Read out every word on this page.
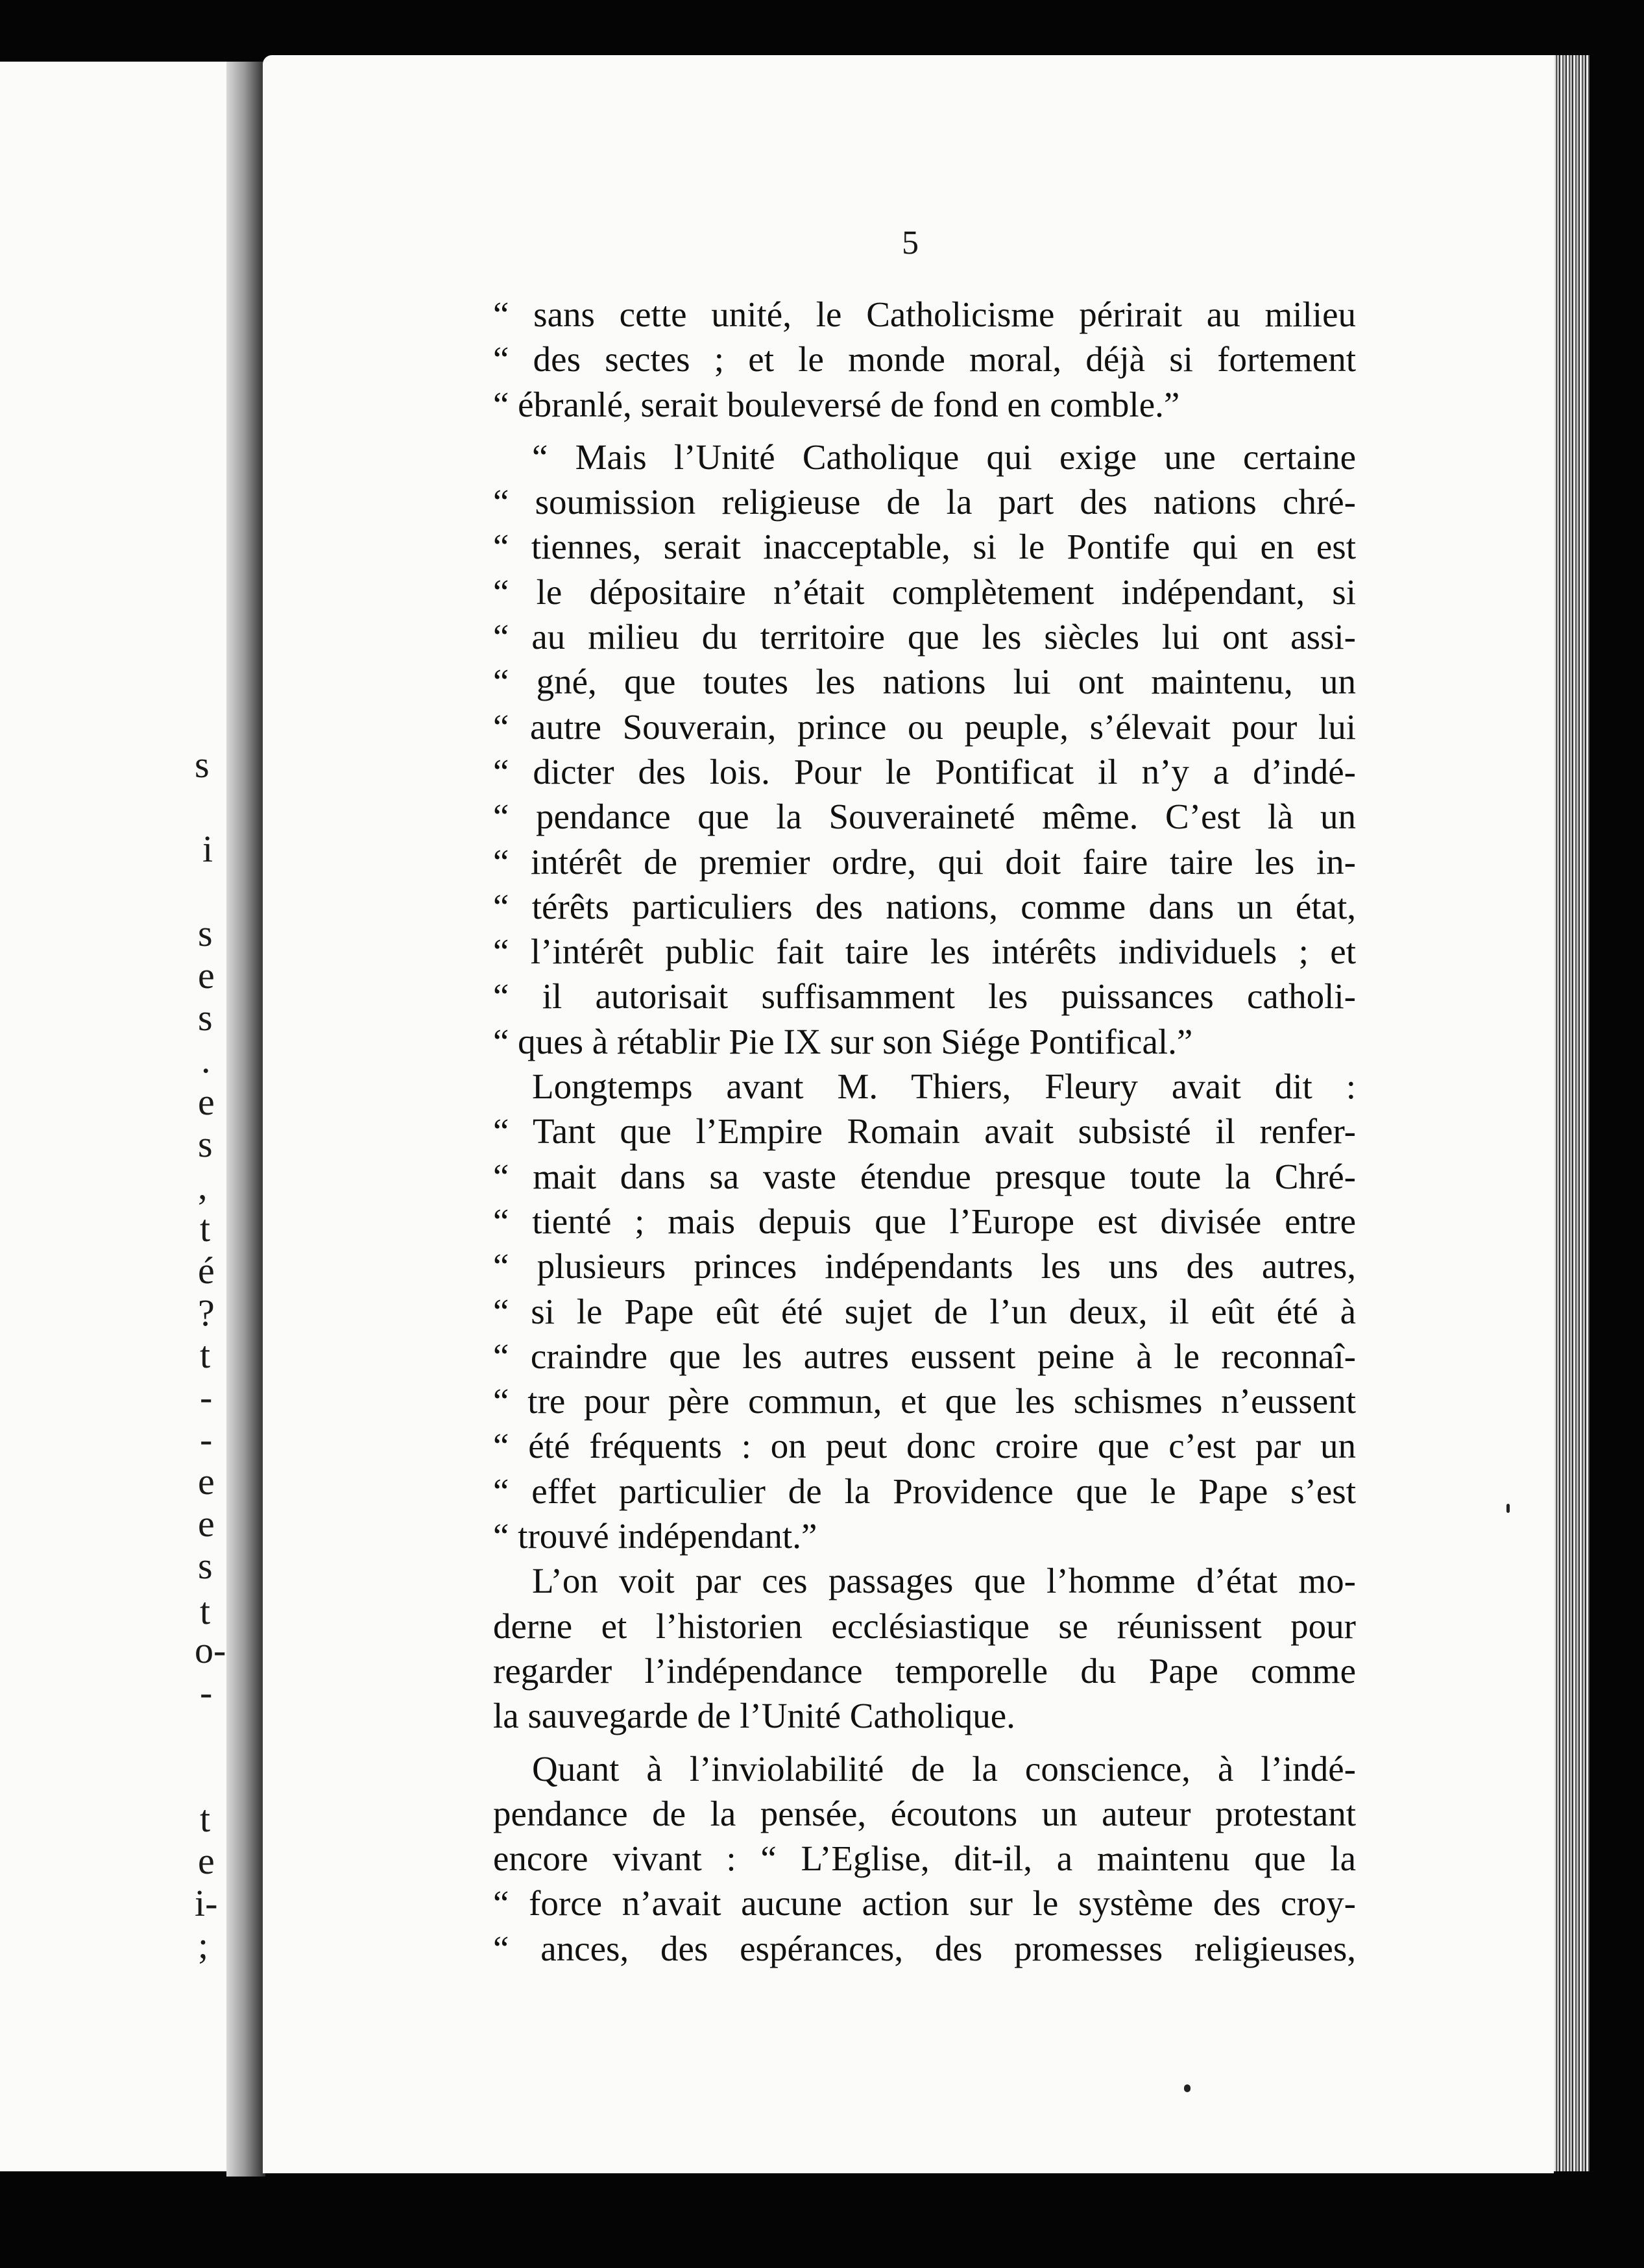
s
i
s
e
s
.
e
s
,
t
é
?
t
-
-
e
e
s
t
o-
-
t
e
i-
;
5
“ sans cette unité, le Catholicisme périrait au milieu
“ des sectes ; et le monde moral, déjà si fortement
“ ébranlé, serait bouleversé de fond en comble.”
“ Mais l’Unité Catholique qui exige une certaine
“ soumission religieuse de la part des nations chré-
“ tiennes, serait inacceptable, si le Pontife qui en est
“ le dépositaire n’était complètement indépendant, si
“ au milieu du territoire que les siècles lui ont assi-
“ gné, que toutes les nations lui ont maintenu, un
“ autre Souverain, prince ou peuple, s’élevait pour lui
“ dicter des lois. Pour le Pontificat il n’y a d’indé-
“ pendance que la Souveraineté même. C’est là un
“ intérêt de premier ordre, qui doit faire taire les in-
“ térêts particuliers des nations, comme dans un état,
“ l’intérêt public fait taire les intérêts individuels ; et
“ il autorisait suffisamment les puissances catholi-
“ ques à rétablir Pie IX sur son Siége Pontifical.”
Longtemps avant M. Thiers, Fleury avait dit :
“ Tant que l’Empire Romain avait subsisté il renfer-
“ mait dans sa vaste étendue presque toute la Chré-
“ tienté ; mais depuis que l’Europe est divisée entre
“ plusieurs princes indépendants les uns des autres,
“ si le Pape eût été sujet de l’un deux, il eût été à
“ craindre que les autres eussent peine à le reconnaî-
“ tre pour père commun, et que les schismes n’eussent
“ été fréquents : on peut donc croire que c’est par un
“ effet particulier de la Providence que le Pape s’est
“ trouvé indépendant.”
L’on voit par ces passages que l’homme d’état mo-
derne et l’historien ecclésiastique se réunissent pour
regarder l’indépendance temporelle du Pape comme
la sauvegarde de l’Unité Catholique.
Quant à l’inviolabilité de la conscience, à l’indé-
pendance de la pensée, écoutons un auteur protestant
encore vivant : “ L’Eglise, dit-il, a maintenu que la
“ force n’avait aucune action sur le système des croy-
“ ances, des espérances, des promesses religieuses,
